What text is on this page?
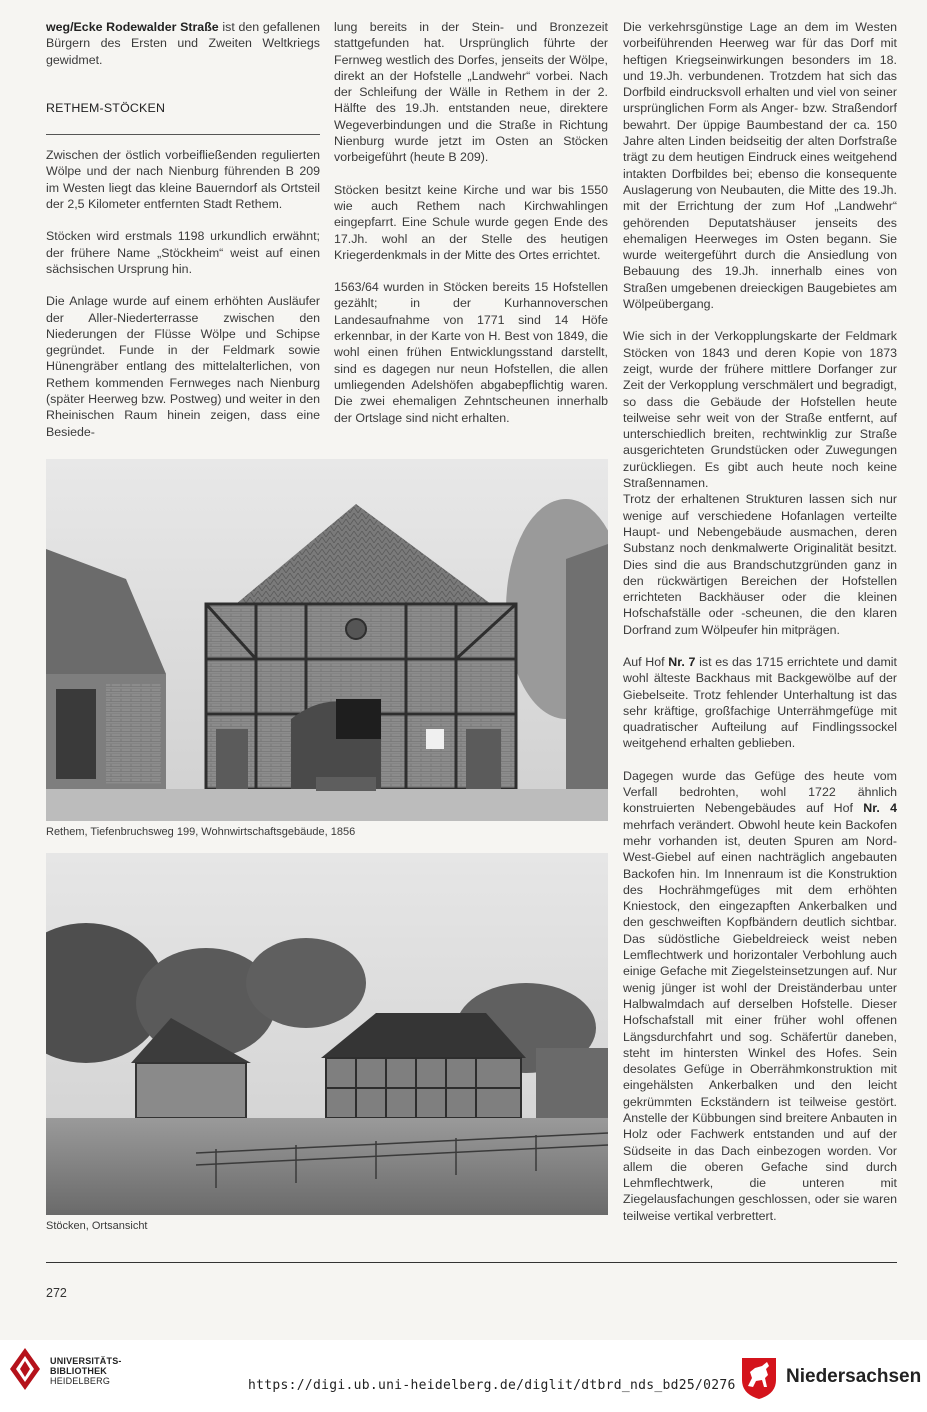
weg/Ecke Rodewalder Straße ist den gefallenen Bürgern des Ersten und Zweiten Weltkriegs gewidmet.

RETHEM-STÖCKEN

Zwischen der östlich vorbeifließenden regulierten Wölpe und der nach Nienburg führenden B 209 im Westen liegt das kleine Bauerndorf als Ortsteil der 2,5 Kilometer entfernten Stadt Rethem.

Stöcken wird erstmals 1198 urkundlich erwähnt; der frühere Name „Stöckheim“ weist auf einen sächsischen Ursprung hin.

Die Anlage wurde auf einem erhöhten Ausläufer der Aller-Niederterrasse zwischen den Niederungen der Flüsse Wölpe und Schipse gegründet. Funde in der Feldmark sowie Hünengräber entlang des mittelalterlichen, von Rethem kommenden Fernweges nach Nienburg (später Heerweg bzw. Postweg) und weiter in den Rheinischen Raum hinein zeigen, dass eine Besiede-

lung bereits in der Stein- und Bronzezeit stattgefunden hat. Ursprünglich führte der Fernweg westlich des Dorfes, jenseits der Wölpe, direkt an der Hofstelle „Landwehr“ vorbei. Nach der Schleifung der Wälle in Rethem in der 2. Hälfte des 19.Jh. entstanden neue, direktere Wegeverbindungen und die Straße in Richtung Nienburg wurde jetzt im Osten an Stöcken vorbeigeführt (heute B 209).

Stöcken besitzt keine Kirche und war bis 1550 wie auch Rethem nach Kirchwahlingen eingepfarrt. Eine Schule wurde gegen Ende des 17.Jh. wohl an der Stelle des heutigen Kriegerdenkmals in der Mitte des Ortes errichtet.

1563/64 wurden in Stöcken bereits 15 Hofstellen gezählt; in der Kurhannoverschen Landesaufnahme von 1771 sind 14 Höfe erkennbar, in der Karte von H. Best von 1849, die wohl einen frühen Entwicklungsstand darstellt, sind es dagegen nur neun Hofstellen, die allen umliegenden Adelshöfen abgabepflichtig waren. Die zwei ehemaligen Zehntscheunen innerhalb der Ortslage sind nicht erhalten.

Die verkehrsgünstige Lage an dem im Westen vorbeiführenden Heerweg war für das Dorf mit heftigen Kriegseinwirkungen besonders im 18. und 19.Jh. verbundenen. Trotzdem hat sich das Dorfbild eindrucksvoll erhalten und viel von seiner ursprünglichen Form als Anger- bzw. Straßendorf bewahrt. Der üppige Baumbestand der ca. 150 Jahre alten Linden beidseitig der alten Dorfstraße trägt zu dem heutigen Eindruck eines weitgehend intakten Dorfbildes bei; ebenso die konsequente Auslagerung von Neubauten, die Mitte des 19.Jh. mit der Errichtung der zum Hof „Landwehr“ gehörenden Deputatshäuser jenseits des ehemaligen Heerweges im Osten begann. Sie wurde weitergeführt durch die Ansiedlung von Bebauung des 19.Jh. innerhalb eines von Straßen umgebenen dreieckigen Baugebietes am Wölpeübergang.

Wie sich in der Verkopplungskarte der Feldmark Stöcken von 1843 und deren Kopie von 1873 zeigt, wurde der frühere mittlere Dorfanger zur Zeit der Verkopplung verschmälert und begradigt, so dass die Gebäude der Hofstellen heute teilweise sehr weit von der Straße entfernt, auf unterschiedlich breiten, rechtwinklig zur Straße ausgerichteten Grundstücken oder Zuwegungen zurückliegen. Es gibt auch heute noch keine Straßennamen.

Trotz der erhaltenen Strukturen lassen sich nur wenige auf verschiedene Hofanlagen verteilte Haupt- und Nebengebäude ausmachen, deren Substanz noch denkmalwerte Originalität besitzt. Dies sind die aus Brandschutzgründen ganz in den rückwärtigen Bereichen der Hofstellen errichteten Backhäuser oder die kleinen Hofschafställe oder -scheunen, die den klaren Dorfrand zum Wölpeufer hin mitprägen.

Auf Hof Nr. 7 ist es das 1715 errichtete und damit wohl älteste Backhaus mit Backgewölbe auf der Giebelseite. Trotz fehlender Unterhaltung ist das sehr kräftige, großfachige Unterrähmgefüge mit quadratischer Aufteilung auf Findlingssockel weitgehend erhalten geblieben.

Dagegen wurde das Gefüge des heute vom Verfall bedrohten, wohl 1722 ähnlich konstruierten Nebengebäudes auf Hof Nr. 4 mehrfach verändert. Obwohl heute kein Backofen mehr vorhanden ist, deuten Spuren am Nord-West-Giebel auf einen nachträglich angebauten Backofen hin. Im Innenraum ist die Konstruktion des Hochrähmgefüges mit dem erhöhten Kniestock, den eingezapften Ankerbalken und den geschweiften Kopfbändern deutlich sichtbar. Das südöstliche Giebeldreieck weist neben Lemflechtwerk und horizontaler Verbohlung auch einige Gefache mit Ziegelsteinsetzungen auf. Nur wenig jünger ist wohl der Dreiständerbau unter Halbwalmdach auf derselben Hofstelle. Dieser Hofschafstall mit einer früher wohl offenen Längsdurchfahrt und sog. Schäfertür daneben, steht im hintersten Winkel des Hofes. Sein desolates Gefüge in Oberrähmkonstruktion mit eingehälsten Ankerbalken und den leicht gekrümmten Eckständern ist teilweise gestört. Anstelle der Kübbungen sind breitere Anbauten in Holz oder Fachwerk entstanden und auf der Südseite in das Dach einbezogen worden. Vor allem die oberen Gefache sind durch Lehmflechtwerk, die unteren mit Ziegelausfachungen geschlossen, oder sie waren teilweise vertikal verbrettert.

Rethem, Tiefenbruchsweg 199, Wohnwirtschaftsgebäude, 1856
Stöcken, Ortsansicht
272
UNIVERSITÄTS-
BIBLIOTHEK
HEIDELBERG	https://digi.ub.uni-heidelberg.de/diglit/dtbrd_nds_bd25/0276	Niedersachsen
